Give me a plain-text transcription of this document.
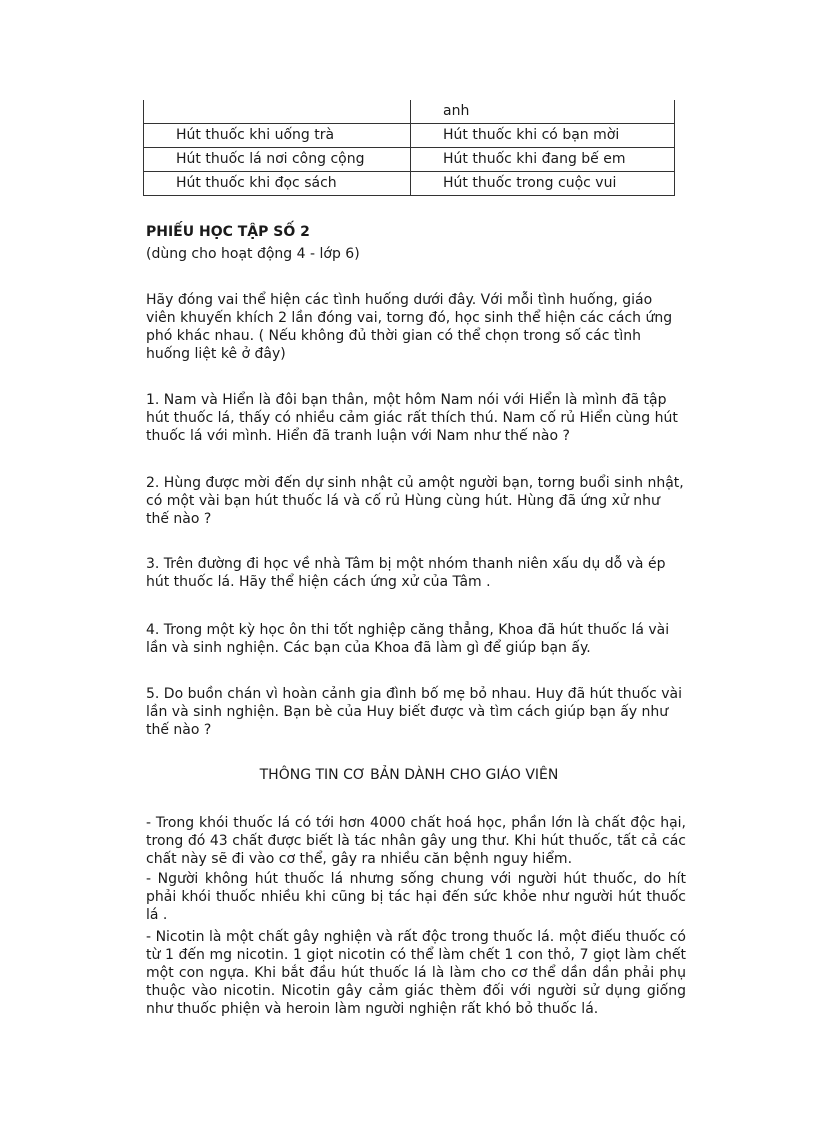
	anh
Hút thuốc khi uống trà	Hút thuốc khi có bạn mời
Hút thuốc lá nơi công cộng	Hút thuốc khi đang bế em
Hút thuốc khi đọc sách	Hút thuốc trong cuộc vui
PHIẾU HỌC TẬP SỐ 2
(dùng cho hoạt động 4 - lớp 6)

Hãy đóng vai thể hiện các tình huống dưới đây. Với mỗi tình huống, giáo viên khuyến khích 2 lần đóng vai, torng đó, học sinh thể hiện các cách ứng phó khác nhau. ( Nếu không đủ thời gian có thể chọn trong số các tình huống liệt kê ở đây)

1. Nam và Hiển là đôi bạn thân, một hôm Nam nói với Hiển là mình đã tập hút thuốc lá, thấy có nhiều cảm giác rất thích thú. Nam cố rủ Hiển cùng hút thuốc lá với mình. Hiển đã tranh luận với Nam như thế nào ?

2. Hùng được mời đến dự sinh nhật củ amột người bạn, torng buổi sinh nhật, có một vài bạn hút thuốc lá và cố rủ Hùng cùng hút. Hùng đã ứng xử như thế nào ?

3. Trên đường đi học về nhà Tâm bị một nhóm thanh niên xấu dụ dỗ và ép hút thuốc lá. Hãy thể hiện cách ứng xử của Tâm .

4. Trong một kỳ học ôn thi tốt nghiệp căng thẳng, Khoa đã hút thuốc lá vài lần và sinh nghiện. Các bạn của Khoa đã làm gì để giúp bạn ấy.

5. Do buồn chán vì hoàn cảnh gia đình bố mẹ bỏ nhau. Huy đã hút thuốc vài lần và sinh nghiện. Bạn bè của Huy biết được và tìm cách giúp bạn ấy như thế nào ?

THÔNG TIN CƠ BẢN DÀNH CHO GIÁO VIÊN

- Trong khói thuốc lá có tới hơn 4000 chất hoá học, phần lớn là chất độc hại, trong đó 43 chất được biết là tác nhân gây ung thư. Khi hút thuốc, tất cả các chất này sẽ đi vào cơ thể, gây ra nhiều căn bệnh nguy hiểm.

- Người không hút thuốc lá nhưng sống chung với người hút thuốc, do hít phải khói thuốc nhiều khi cũng bị tác hại đến sức khỏe như người hút thuốc lá .

- Nicotin là một chất gây nghiện và rất độc trong thuốc lá. một điếu thuốc có từ 1 đến mg nicotin. 1 giọt nicotin có thể làm chết 1 con thỏ, 7 giọt làm chết một con ngựa. Khi bắt đầu hút thuốc lá là làm cho cơ thể dần dần phải phụ thuộc vào nicotin. Nicotin gây cảm giác thèm đối với người sử dụng giống như thuốc phiện và heroin làm người nghiện rất khó bỏ thuốc lá.
